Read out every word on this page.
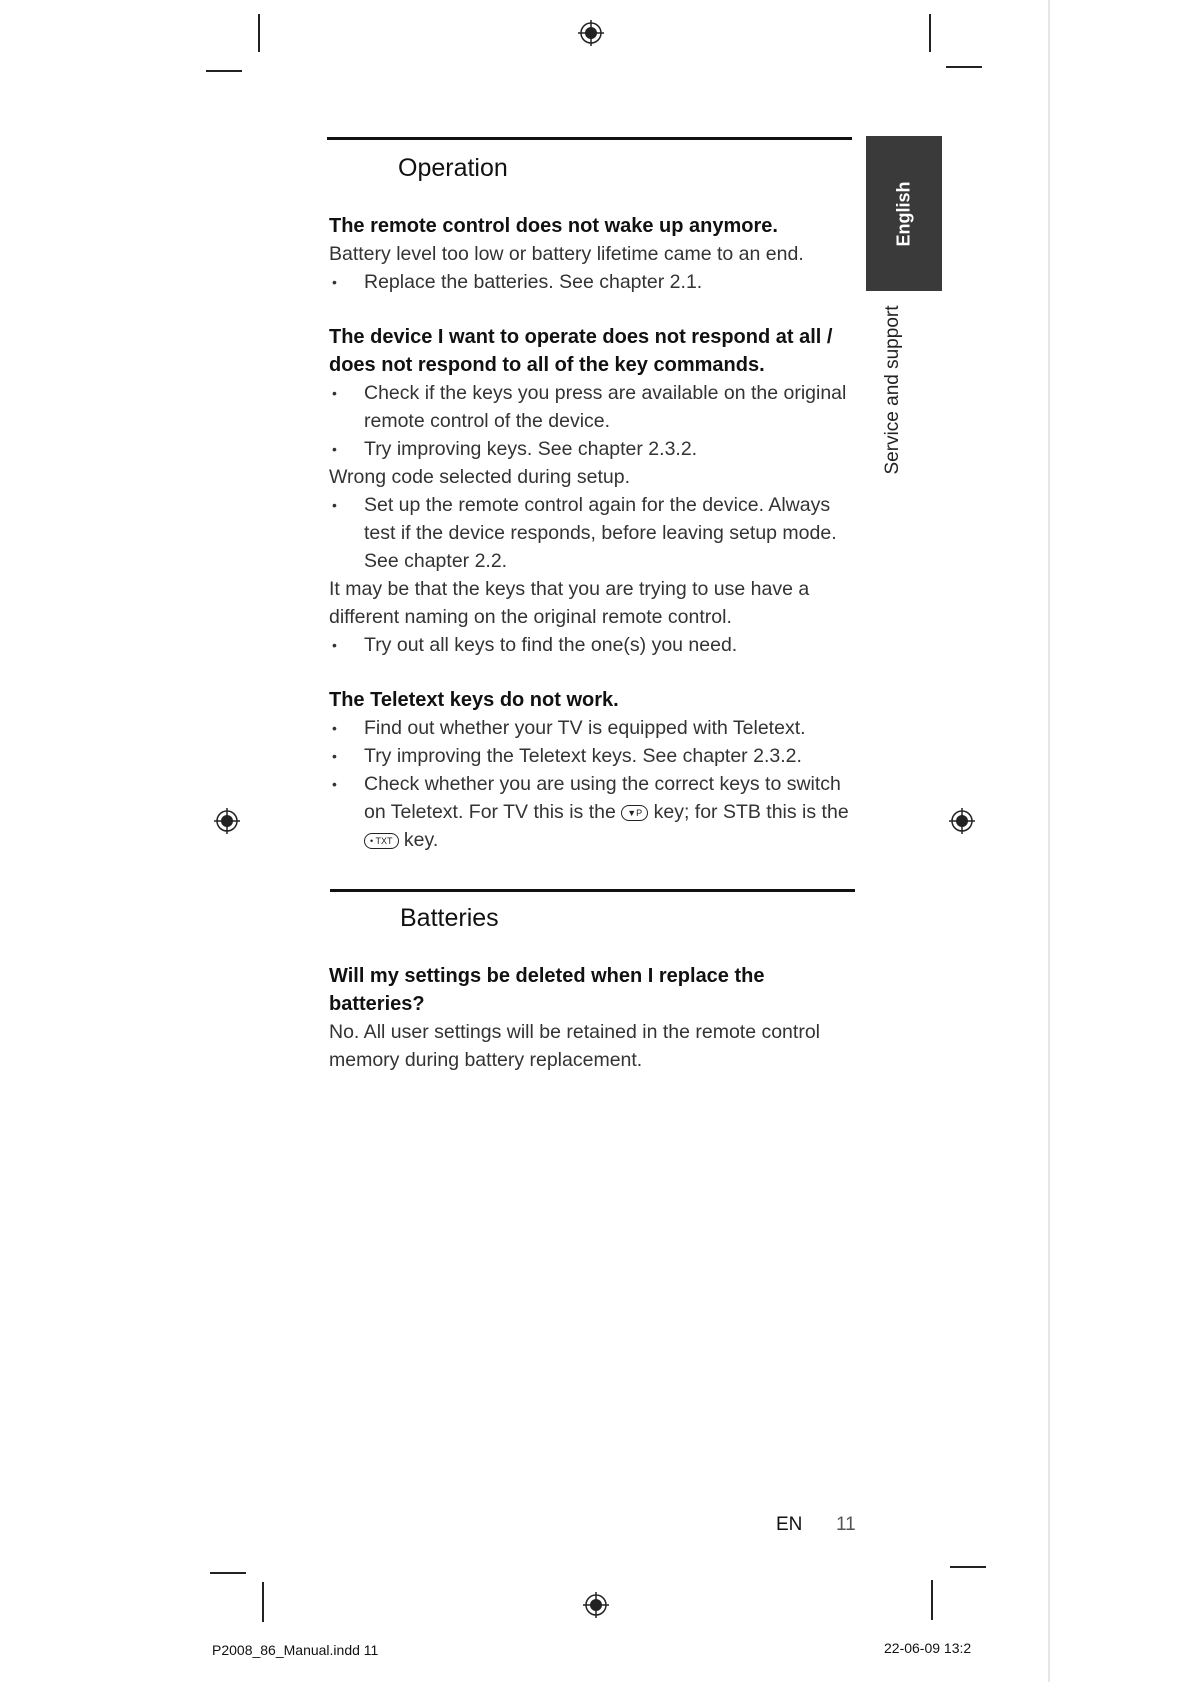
English
Service and support
Operation
The remote control does not wake up anymore.
Battery level too low or battery lifetime came to an end.
• Replace the batteries. See chapter 2.1.
The device I want to operate does not respond at all / does not respond to all of the key commands.
• Check if the keys you press are available on the original remote control of the device.
• Try improving keys. See chapter 2.3.2.
Wrong code selected during setup.
• Set up the remote control again for the device. Always test if the device responds, before leaving setup mode. See chapter 2.2.
It may be that the keys that you are trying to use have a different naming on the original remote control.
• Try out all keys to find the one(s) you need.
The Teletext keys do not work.
• Find out whether your TV is equipped with Teletext.
• Try improving the Teletext keys. See chapter 2.3.2.
• Check whether you are using the correct keys to switch on Teletext. For TV this is the ▼P key; for STB this is the • TXT key.
Batteries
Will my settings be deleted when I replace the batteries?
No. All user settings will be retained in the remote control memory during battery replacement.
EN 11
P2008_86_Manual.indd 11	22-06-09 13:2
